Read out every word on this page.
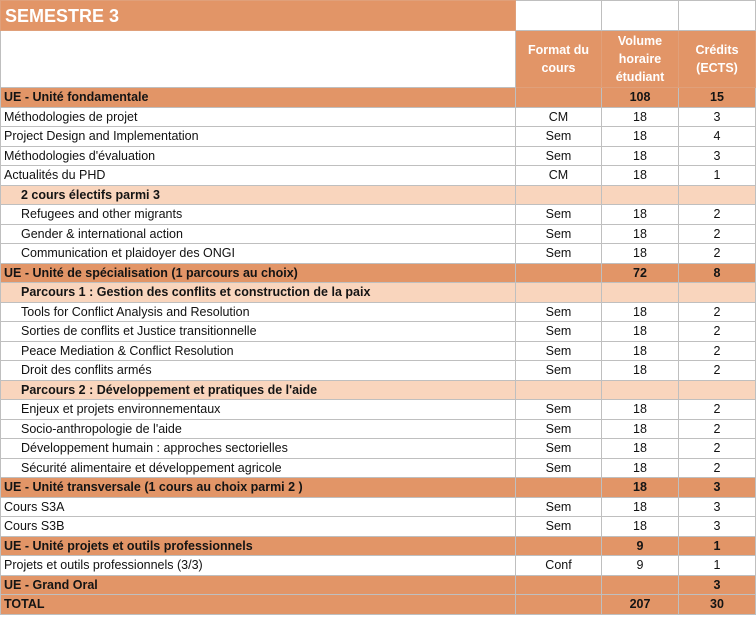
SEMESTRE 3			
	Format du cours	Volume horaire étudiant	Crédits (ECTS)
UE - Unité fondamentale		108	15
Méthodologies de projet	CM	18	3
Project Design and Implementation	Sem	18	4
Méthodologies d'évaluation	Sem	18	3
Actualités du PHD	CM	18	1
2 cours électifs parmi 3			
Refugees and other migrants	Sem	18	2
Gender & international action	Sem	18	2
Communication et plaidoyer des ONGI	Sem	18	2
UE - Unité de spécialisation (1 parcours au choix)		72	8
Parcours 1 : Gestion des conflits et construction de la paix			
Tools for Conflict Analysis and Resolution	Sem	18	2
Sorties de conflits et Justice transitionnelle	Sem	18	2
Peace Mediation & Conflict Resolution	Sem	18	2
Droit des conflits armés	Sem	18	2
Parcours 2 : Développement et pratiques de l'aide			
Enjeux et projets environnementaux	Sem	18	2
Socio-anthropologie de l'aide	Sem	18	2
Développement humain : approches sectorielles	Sem	18	2
Sécurité alimentaire et développement agricole	Sem	18	2
UE - Unité transversale (1 cours au choix parmi 2 )		18	3
Cours S3A	Sem	18	3
Cours S3B	Sem	18	3
UE - Unité projets et outils professionnels		9	1
Projets et outils professionnels (3/3)	Conf	9	1
UE - Grand Oral			3
TOTAL		207	30
